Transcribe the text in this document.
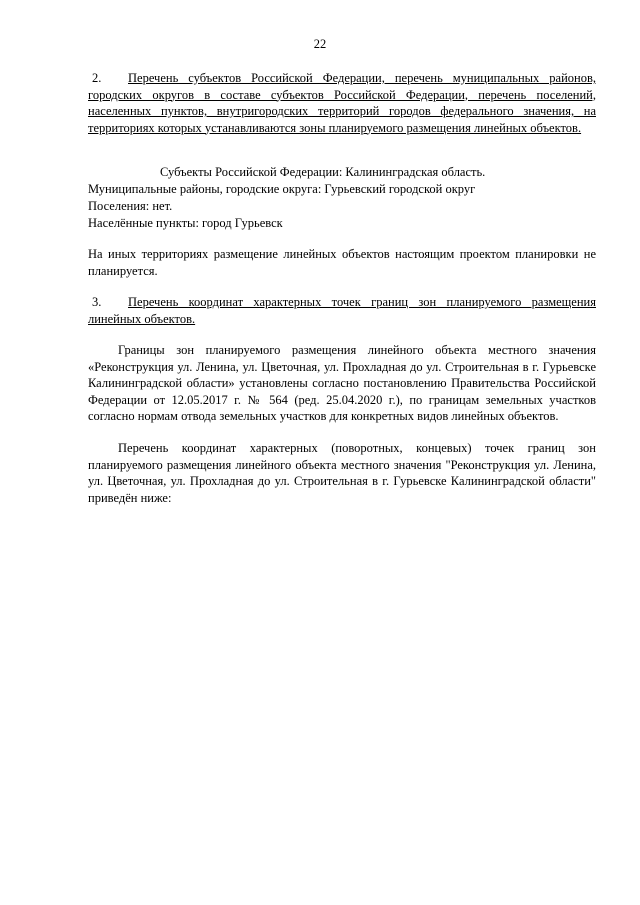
22

2. Перечень субъектов Российской Федерации, перечень муниципальных районов, городских округов в составе субъектов Российской Федерации, перечень поселений, населенных пунктов, внутригородских территорий городов федерального значения, на территориях которых устанавливаются зоны планируемого размещения линейных объектов.

Субъекты Российской Федерации: Калининградская область.

Муниципальные районы, городские округа: Гурьевский городской округ

Поселения: нет.

Населённые пункты: город Гурьевск

На иных территориях размещение линейных объектов настоящим проектом планировки не планируется.

3. Перечень координат характерных точек границ зон планируемого размещения линейных объектов.

Границы зон планируемого размещения линейного объекта местного значения «Реконструкция ул. Ленина, ул. Цветочная, ул. Прохладная до ул. Строительная в г. Гурьевске Калининградской области» установлены согласно постановлению Правительства Российской Федерации от 12.05.2017 г. № 564 (ред. 25.04.2020 г.), по границам земельных участков согласно нормам отвода земельных участков для конкретных видов линейных объектов.

Перечень координат характерных (поворотных, концевых) точек границ зон планируемого размещения линейного объекта местного значения "Реконструкция ул. Ленина, ул. Цветочная, ул. Прохладная до ул. Строительная в г. Гурьевске Калининградской области" приведён ниже:
